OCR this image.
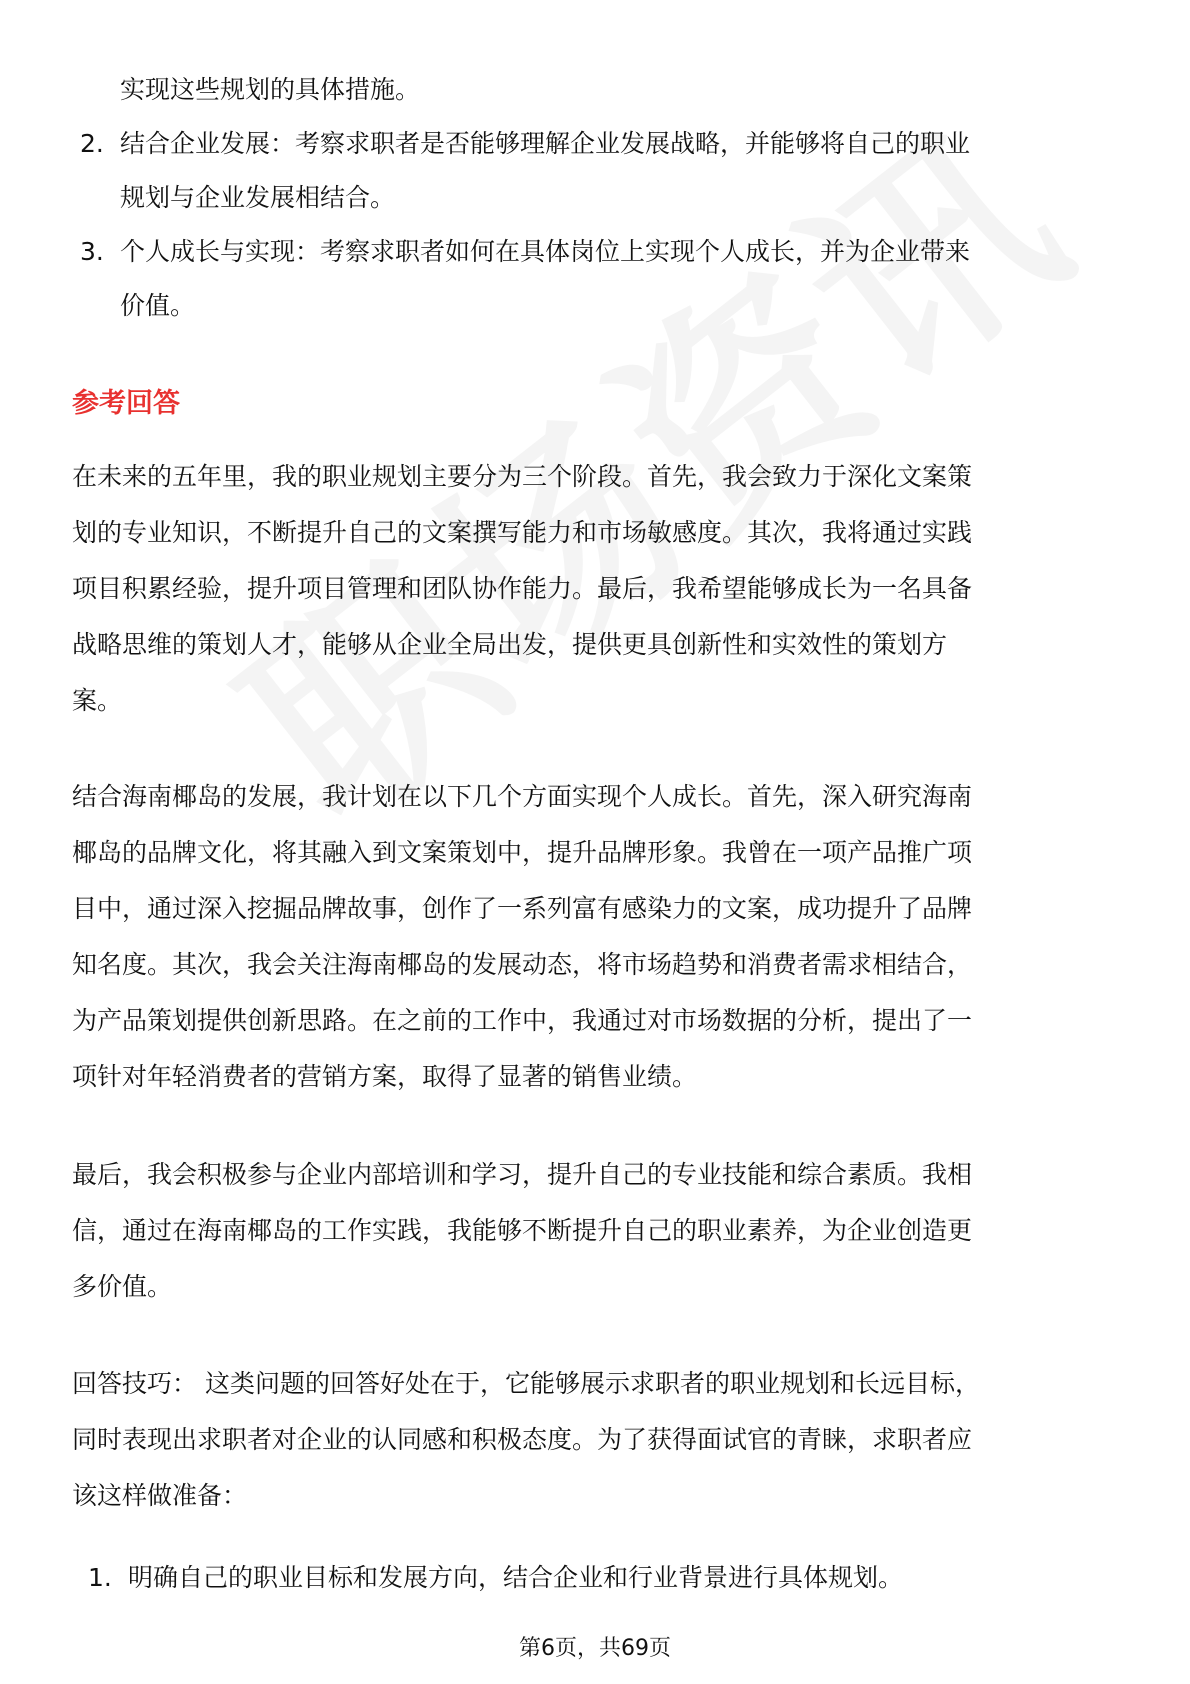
实现这些规划的具体措施。
2. 结合企业发展：考察求职者是否能够理解企业发展战略，并能够将自己的职业
规划与企业发展相结合。
3. 个人成长与实现：考察求职者如何在具体岗位上实现个人成长，并为企业带来
价值。
参考回答
在未来的五年里，我的职业规划主要分为三个阶段。首先，我会致力于深化文案策
划的专业知识，不断提升自己的文案撰写能力和市场敏感度。其次，我将通过实践
项目积累经验，提升项目管理和团队协作能力。最后，我希望能够成长为一名具备
战略思维的策划人才，能够从企业全局出发，提供更具创新性和实效性的策划方
案。
结合海南椰岛的发展，我计划在以下几个方面实现个人成长。首先，深入研究海南
椰岛的品牌文化，将其融入到文案策划中，提升品牌形象。我曾在一项产品推广项
目中，通过深入挖掘品牌故事，创作了一系列富有感染力的文案，成功提升了品牌
知名度。其次，我会关注海南椰岛的发展动态，将市场趋势和消费者需求相结合，
为产品策划提供创新思路。在之前的工作中，我通过对市场数据的分析，提出了一
项针对年轻消费者的营销方案，取得了显著的销售业绩。
最后，我会积极参与企业内部培训和学习，提升自己的专业技能和综合素质。我相
信，通过在海南椰岛的工作实践，我能够不断提升自己的职业素养，为企业创造更
多价值。
回答技巧： 这类问题的回答好处在于，它能够展示求职者的职业规划和长远目标，
同时表现出求职者对企业的认同感和积极态度。为了获得面试官的青睐，求职者应
该这样做准备：
1. 明确自己的职业目标和发展方向，结合企业和行业背景进行具体规划。
第6页，共69页
